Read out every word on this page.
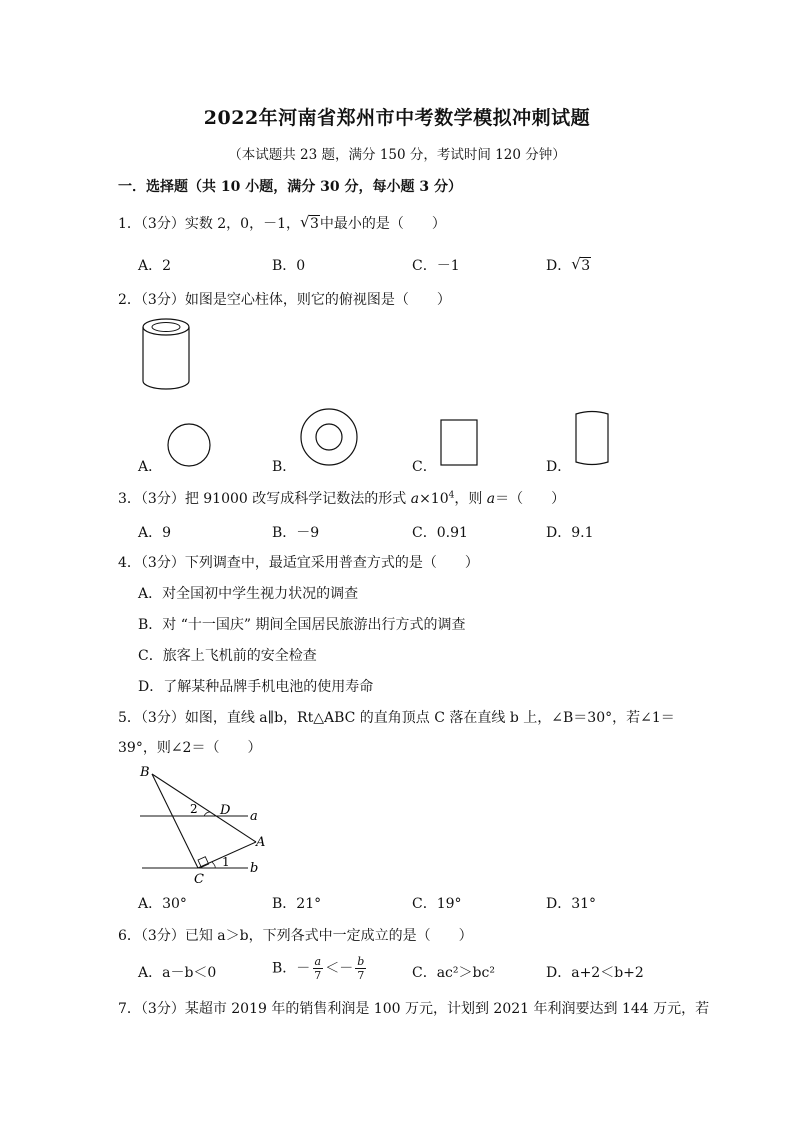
2022年河南省郑州市中考数学模拟冲刺试题
（本试题共 23 题，满分 150 分，考试时间 120 分钟）
一．选择题（共 10 小题，满分 30 分，每小题 3 分）
1．（3分）实数 2，0，－1， √ 3中最小的是（　　）
A．2	B．0	C．－1	D． √ 3
2．（3分）如图是空心柱体，则它的俯视图是（　　）
A．	B．	C．	D．
3．（3分）把 91000 改写成科学记数法的形式 $a\times 10^4$，则 a＝（　　）
A．9	B．－9	C．0.91	D．9.1
4．（3分）下列调查中，最适宜采用普查方式的是（　　）
A．对全国初中学生视力状况的调查
B．对 “十一国庆” 期间全国居民旅游出行方式的调查
C．旅客上飞机前的安全检查
D．了解某种品牌手机电池的使用寿命
5．（3分）如图，直线 a∥b，Rt△ABC 的直角顶点 C 落在直线 b 上，∠B＝30°，若∠1＝
39°，则∠2＝（　　）
B
D a
A
C
b
1
2
A．30°	B．21°	C．19°	D．31°
6．（3分）已知 a＞b，下列各式中一定成立的是（　　）
A．a－b＜0	B．－ $\frac{a}{7} <- \frac{b}{7}$	C．ac²＞bc²	D．a+2＜b+2
7．（3分）某超市 2019 年的销售利润是 100 万元，计划到 2021 年利润要达到 144 万元，若
